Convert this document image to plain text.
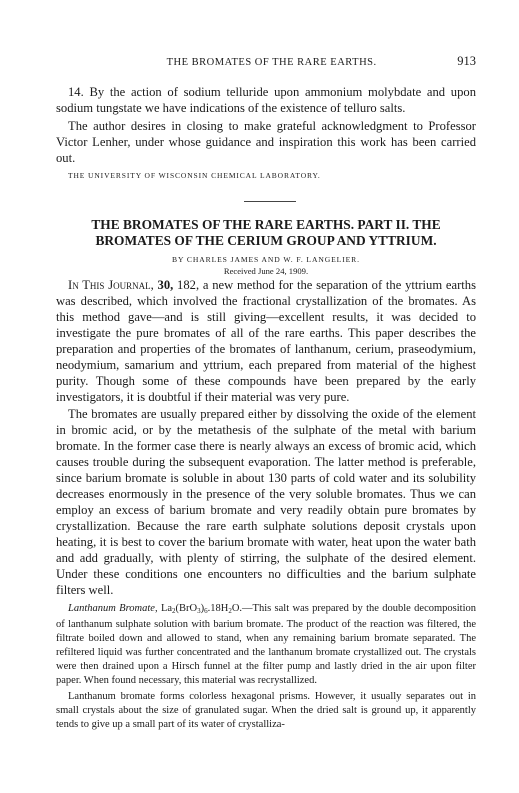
THE BROMATES OF THE RARE EARTHS.	913

14. By the action of sodium telluride upon ammonium molybdate and upon sodium tungstate we have indications of the existence of telluro salts.

The author desires in closing to make grateful acknowledgment to Professor Victor Lenher, under whose guidance and inspiration this work has been carried out.

THE UNIVERSITY OF WISCONSIN CHEMICAL LABORATORY.

THE BROMATES OF THE RARE EARTHS. PART II. THE BROMATES OF THE CERIUM GROUP AND YTTRIUM.

BY CHARLES JAMES AND W. F. LANGELIER.

Received June 24, 1909.

In This Journal, 30, 182, a new method for the separation of the yttrium earths was described, which involved the fractional crystallization of the bromates. As this method gave—and is still giving—excellent results, it was decided to investigate the pure bromates of all of the rare earths. This paper describes the preparation and properties of the bromates of lanthanum, cerium, praseodymium, neodymium, samarium and yttrium, each prepared from material of the highest purity. Though some of these compounds have been prepared by the early investigators, it is doubtful if their material was very pure.

The bromates are usually prepared either by dissolving the oxide of the element in bromic acid, or by the metathesis of the sulphate of the metal with barium bromate. In the former case there is nearly always an excess of bromic acid, which causes trouble during the subsequent evaporation. The latter method is preferable, since barium bromate is soluble in about 130 parts of cold water and its solubility decreases enormously in the presence of the very soluble bromates. Thus we can employ an excess of barium bromate and very readily obtain pure bromates by crystallization. Because the rare earth sulphate solutions deposit crystals upon heating, it is best to cover the barium bromate with water, heat upon the water bath and add gradually, with plenty of stirring, the sulphate of the desired element. Under these conditions one encounters no difficulties and the barium sulphate filters well.

Lanthanum Bromate, $La_2(BrO_3)_6.18H_2O.—This$ salt was prepared by the double decomposition of lanthanum sulphate solution with barium bromate. The product of the reaction was filtered, the filtrate boiled down and allowed to stand, when any remaining barium bromate separated. The refiltered liquid was further concentrated and the lanthanum bromate crystallized out. The crystals were then drained upon a Hirsch funnel at the filter pump and lastly dried in the air upon filter paper. When found necessary, this material was recrystallized.

Lanthanum bromate forms colorless hexagonal prisms. However, it usually separates out in small crystals about the size of granulated sugar. When the dried salt is ground up, it apparently tends to give up a small part of its water of crystalliza-
